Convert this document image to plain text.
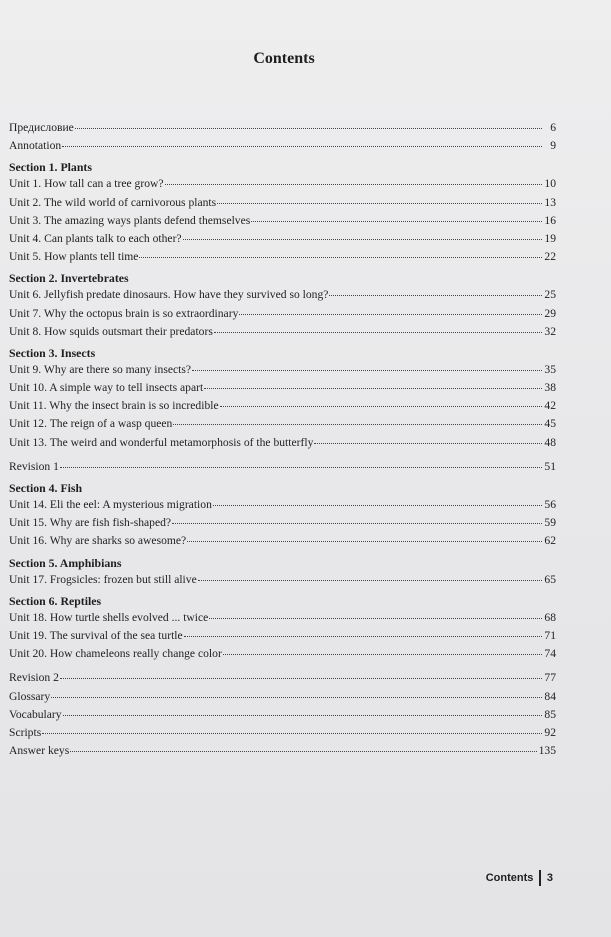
Contents
Предисловие	6
Annotation	9
Section 1. Plants
Unit 1. How tall can a tree grow?	10
Unit 2. The wild world of carnivorous plants	13
Unit 3. The amazing ways plants defend themselves	16
Unit 4. Can plants talk to each other?	19
Unit 5. How plants tell time	22
Section 2. Invertebrates
Unit 6. Jellyfish predate dinosaurs. How have they survived so long?	25
Unit 7. Why the octopus brain is so extraordinary	29
Unit 8. How squids outsmart their predators	32
Section 3. Insects
Unit 9. Why are there so many insects?	35
Unit 10. A simple way to tell insects apart	38
Unit 11. Why the insect brain is so incredible	42
Unit 12. The reign of a wasp queen	45
Unit 13. The weird and wonderful metamorphosis of the butterfly	48
Revision 1	51
Section 4. Fish
Unit 14. Eli the eel: A mysterious migration	56
Unit 15. Why are fish fish-shaped?	59
Unit 16. Why are sharks so awesome?	62
Section 5. Amphibians
Unit 17. Frogsicles: frozen but still alive	65
Section 6. Reptiles
Unit 18. How turtle shells evolved ... twice	68
Unit 19. The survival of the sea turtle	71
Unit 20. How chameleons really change color	74
Revision 2	77
Glossary	84
Vocabulary	85
Scripts	92
Answer keys	135
Contents 3
